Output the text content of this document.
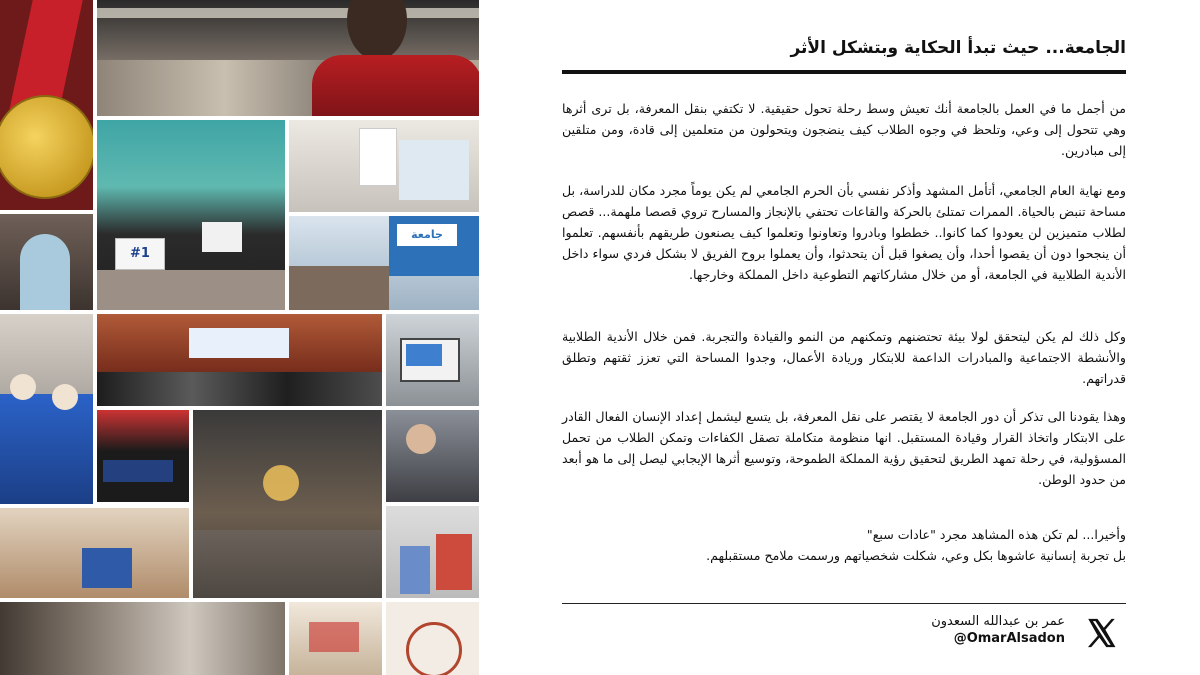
#1
جامعة
الجامعة... حيث تبدأ الحكاية وبتشكل الأثر

من أجمل ما في العمل بالجامعة أنك تعيش وسط رحلة تحول حقيقية. لا تكتفي بنقل المعرفة، بل ترى أثرها وهي تتحول إلى وعي، وتلحظ في وجوه الطلاب كيف ينضجون ويتحولون من متعلمين إلى قادة، ومن متلقين إلى مبادرين.

ومع نهاية العام الجامعي، أتأمل المشهد وأذكر نفسي بأن الحرم الجامعي لم يكن يوماً مجرد مكان للدراسة، بل مساحة تنبض بالحياة. الممرات تمتلئ بالحركة والقاعات تحتفي بالإنجاز والمسارح تروي قصصا ملهمة... قصص لطلاب متميزين لن يعودوا كما كانوا.. خططوا وبادروا وتعاونوا وتعلموا كيف يصنعون طريقهم بأنفسهم. تعلموا أن ينجحوا دون أن يقصوا أحدا، وأن يصغوا قبل أن يتحدثوا، وأن يعملوا بروح الفريق لا بشكل فردي سواء داخل الأندية الطلابية في الجامعة، أو من خلال مشاركاتهم التطوعية داخل المملكة وخارجها.

وكل ذلك لم يكن ليتحقق لولا بيئة تحتضنهم وتمكنهم من النمو والقيادة والتجربة. فمن خلال الأندية الطلابية والأنشطة الاجتماعية والمبادرات الداعمة للابتكار وريادة الأعمال، وجدوا المساحة التي تعزز ثقتهم وتطلق قدراتهم.

وهذا يقودنا الى تذكر أن دور الجامعة لا يقتصر على نقل المعرفة، بل يتسع ليشمل إعداد الإنسان الفعال القادر على الابتكار واتخاذ القرار وقيادة المستقبل. انها منظومة متكاملة تصقل الكفاءات وتمكن الطلاب من تحمل المسؤولية، في رحلة تمهد الطريق لتحقيق رؤية المملكة الطموحة، وتوسيع أثرها الإيجابي ليصل إلى ما هو أبعد من حدود الوطن.

وأخيرا... لم تكن هذه المشاهد مجرد "عادات سبع"
بل تجربة إنسانية عاشوها بكل وعي، شكلت شخصياتهم ورسمت ملامح مستقبلهم.

عمر بن عبدالله السعدون
@OmarAlsadon
